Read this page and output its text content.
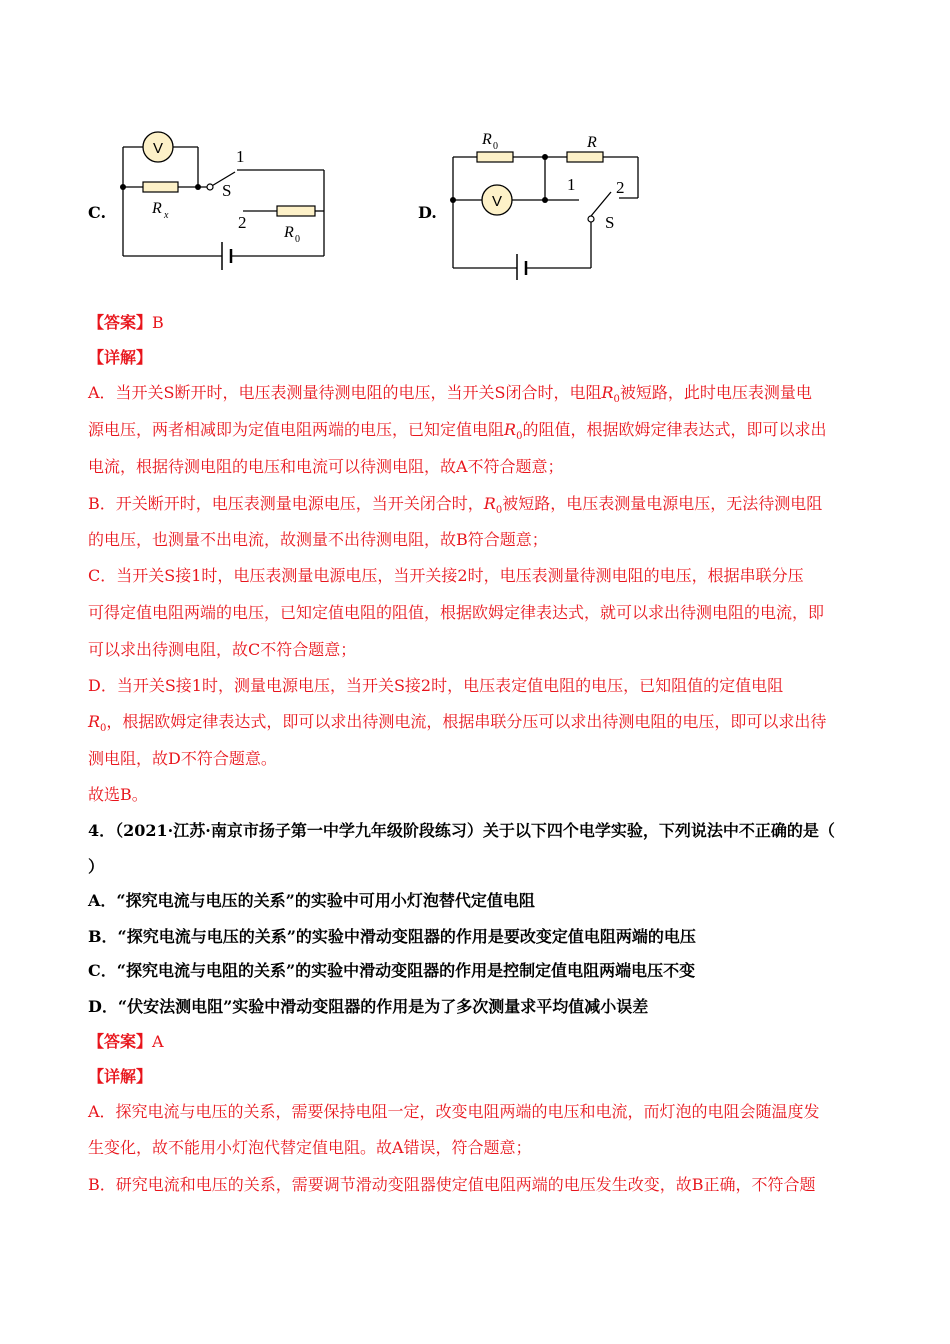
C.
V	1
S
2
R x
R 0
D.
V
R 0	R
1 2
S
【答案】B
【详解】
A．当开关S断开时，电压表测量待测电阻的电压，当开关S闭合时，电阻$R_0$被短路，此时电压表测量电
源电压，两者相减即为定值电阻两端的电压，已知定值电阻$R_0$的阻值，根据欧姆定律表达式，即可以求出
电流，根据待测电阻的电压和电流可以待测电阻，故A不符合题意；
B．开关断开时，电压表测量电源电压，当开关闭合时，$R_0$被短路，电压表测量电源电压，无法待测电阻
的电压，也测量不出电流，故测量不出待测电阻，故B符合题意；
C．当开关S接1时，电压表测量电源电压，当开关接2时，电压表测量待测电阻的电压，根据串联分压
可得定值电阻两端的电压，已知定值电阻的阻值，根据欧姆定律表达式，就可以求出待测电阻的电流，即
可以求出待测电阻，故C不符合题意；
D．当开关S接1时，测量电源电压，当开关S接2时，电压表定值电阻的电压，已知阻值的定值电阻
$R_0$，根据欧姆定律表达式，即可以求出待测电流，根据串联分压可以求出待测电阻的电压，即可以求出待
测电阻，故D不符合题意。
故选B。
4．（2021·江苏·南京市扬子第一中学九年级阶段练习）关于以下四个电学实验，下列说法中不正确的是（
）
A．“探究电流与电压的关系”的实验中可用小灯泡替代定值电阻
B．“探究电流与电压的关系”的实验中滑动变阻器的作用是要改变定值电阻两端的电压
C．“探究电流与电阻的关系”的实验中滑动变阻器的作用是控制定值电阻两端电压不变
D．“伏安法测电阻”实验中滑动变阻器的作用是为了多次测量求平均值减小误差
【答案】A
【详解】
A．探究电流与电压的关系，需要保持电阻一定，改变电阻两端的电压和电流，而灯泡的电阻会随温度发
生变化，故不能用小灯泡代替定值电阻。故A错误，符合题意；
B．研究电流和电压的关系，需要调节滑动变阻器使定值电阻两端的电压发生改变，故B正确，不符合题
